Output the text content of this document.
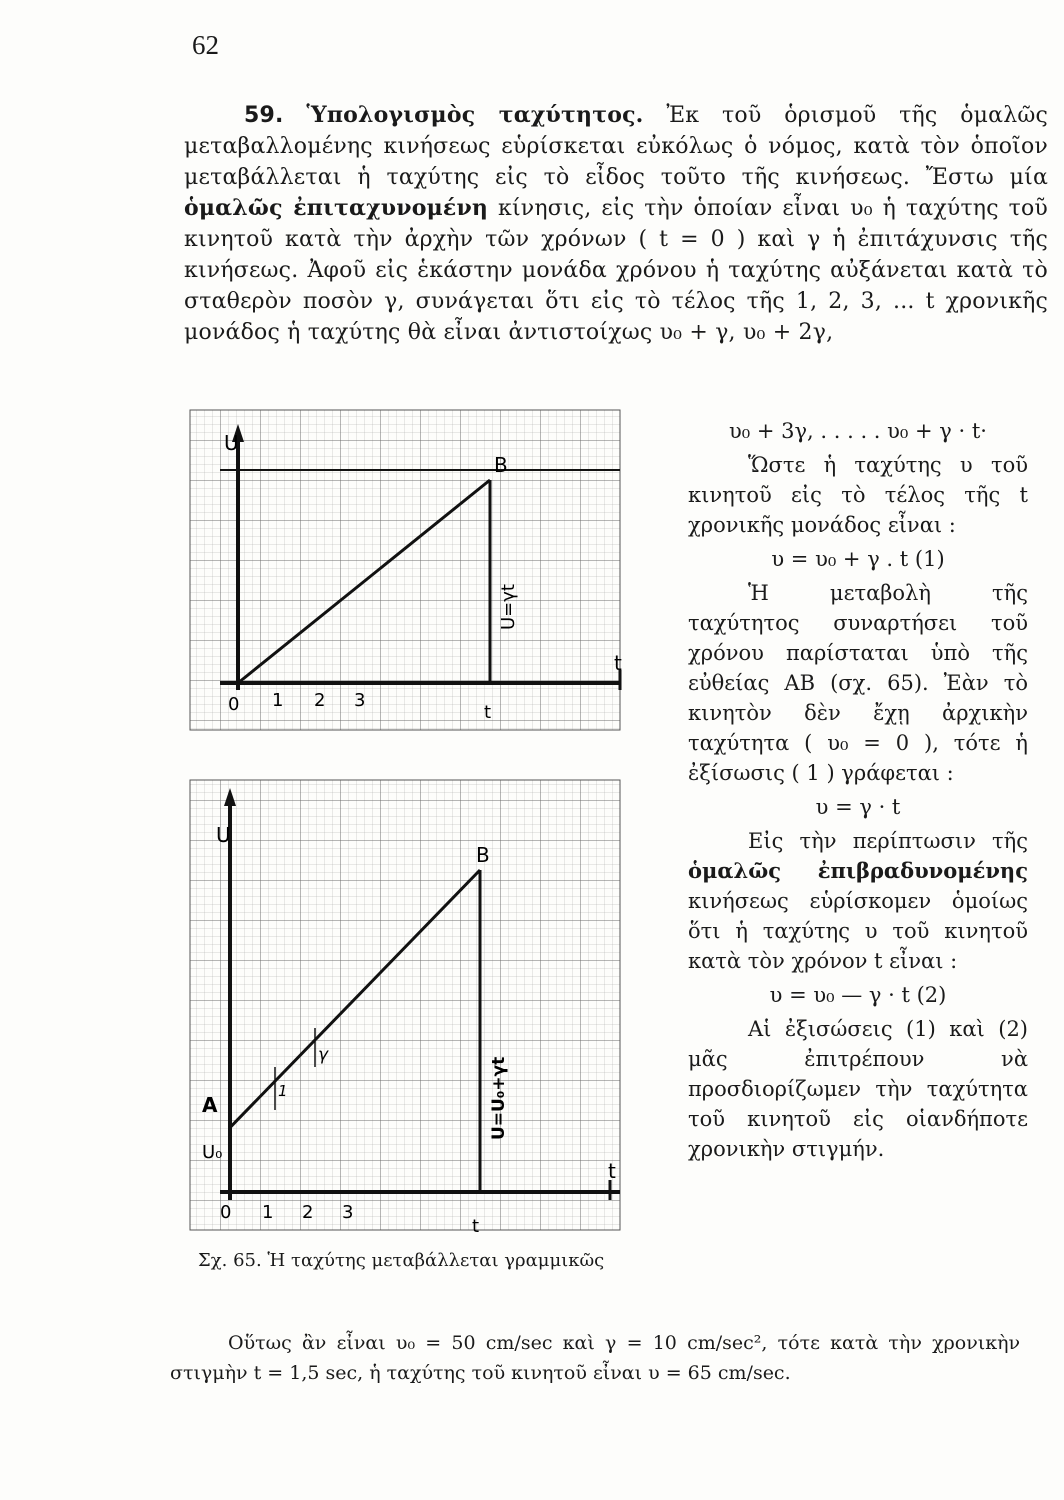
62
59. Ὑπολογισμὸς ταχύτητος. Ἐκ τοῦ ὁρισμοῦ τῆς ὁμαλῶς μεταβαλλομένης κινήσεως εὑρίσκεται εὐκόλως ὁ νόμος, κατὰ τὸν ὁποῖον μεταβάλλεται ἡ ταχύτης εἰς τὸ εἶδος τοῦτο τῆς κινήσεως. Ἔστω μία ὁμαλῶς ἐπιταχυνομένη κίνησις, εἰς τὴν ὁποίαν εἶναι υ₀ ἡ ταχύτης τοῦ κινητοῦ κατὰ τὴν ἀρχὴν τῶν χρόνων ( t = 0 ) καὶ γ ἡ ἐπιτάχυνσις τῆς κινήσεως. Ἀφοῦ εἰς ἑκάστην μονάδα χρόνου ἡ ταχύτης αὐξάνεται κατὰ τὸ σταθερὸν ποσὸν γ, συνάγεται ὅτι εἰς τὸ τέλος τῆς 1, 2, 3, ... t χρονικῆς μονάδος ἡ ταχύτης θὰ εἶναι ἀντιστοίχως υ₀ + γ, υ₀ + 2γ,
U
B
0 1 2 3
t
t
U=γt
U
B
A
U₀
0 1 2 3
t
t
γ
1	U=U₀+γt
Σχ. 65. Ἡ ταχύτης μεταβάλλεται γραμμικῶς

υ₀ + 3γ, . . . . . υ₀ + γ · t·

Ὥστε ἡ ταχύτης υ τοῦ κινητοῦ εἰς τὸ τέλος τῆς t χρονικῆς μονάδος εἶναι :

υ = υ₀ + γ . t (1)

Ἡ μεταβολὴ τῆς ταχύτητος συναρτήσει τοῦ χρόνου παρίσταται ὑπὸ τῆς εὐθείας AB (σχ. 65). Ἐὰν τὸ κινητὸν δὲν ἔχῃ ἀρχικὴν ταχύτητα ( υ₀ = 0 ), τότε ἡ ἐξίσωσις ( 1 ) γράφεται :

υ = γ · t

Εἰς τὴν περίπτωσιν τῆς ὁμαλῶς ἐπιβραδυνομένης κινήσεως εὑρίσκομεν ὁμοίως ὅτι ἡ ταχύτης υ τοῦ κινητοῦ κατὰ τὸν χρόνον t εἶναι :

υ = υ₀ — γ · t (2)

Αἱ ἐξισώσεις (1) καὶ (2) μᾶς ἐπιτρέπουν νὰ προσδιορίζωμεν τὴν ταχύτητα τοῦ κινητοῦ εἰς οἱανδήποτε χρονικὴν στιγμήν.

Οὕτως ἂν εἶναι υ₀ = 50 cm/sec καὶ γ = 10 cm/sec², τότε κατὰ τὴν χρονικὴν στιγμὴν t = 1,5 sec, ἡ ταχύτης τοῦ κινητοῦ εἶναι υ = 65 cm/sec.
